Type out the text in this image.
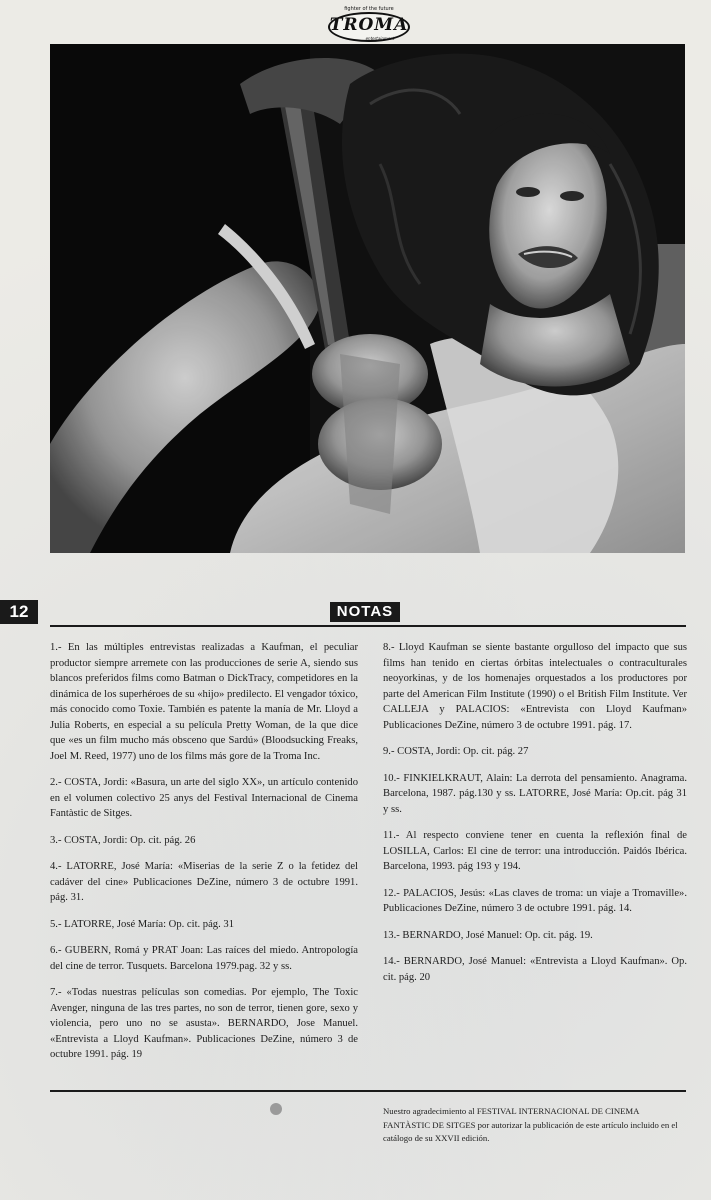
fighter of the future
TROMA
entertainment
12	NOTAS

1.- En las múltiples entrevistas realizadas a Kaufman, el peculiar productor siempre arremete con las producciones de serie A, siendo sus blancos preferidos films como Batman o DickTracy, competidores en la dinámica de los superhéroes de su «hijo» predilecto. El vengador tóxico, más conocido como Toxie. También es patente la manía de Mr. Lloyd a Julia Roberts, en especial a su película Pretty Woman, de la que dice que «es un film mucho más obsceno que Sardú» (Bloodsucking Freaks, Joel M. Reed, 1977) uno de los films más gore de la Troma Inc.

2.- COSTA, Jordi: «Basura, un arte del siglo XX», un artículo contenido en el volumen colectivo 25 anys del Festival Internacional de Cinema Fantàstic de Sitges.

3.- COSTA, Jordi: Op. cit. pág. 26

4.- LATORRE, José María: «Miserias de la serie Z o la fetidez del cadáver del cine» Publicaciones DeZine, número 3 de octubre 1991. pág. 31.

5.- LATORRE, José María: Op. cit. pág. 31

6.- GUBERN, Romá y PRAT Joan: Las raíces del miedo. Antropología del cine de terror. Tusquets. Barcelona 1979.pag. 32 y ss.

7.- «Todas nuestras películas son comedias. Por ejemplo, The Toxic Avenger, ninguna de las tres partes, no son de terror, tienen gore, sexo y violencia, pero uno no se asusta». BERNARDO, Jose Manuel. «Entrevista a Lloyd Kaufman». Publicaciones DeZine, número 3 de octubre 1991. pág. 19

8.- Lloyd Kaufman se siente bastante orgulloso del impacto que sus films han tenido en ciertas órbitas intelectuales o contraculturales neoyorkinas, y de los homenajes orquestados a los productores por parte del American Film Institute (1990) o el British Film Institute. Ver CALLEJA y PALACIOS: «Entrevista con Lloyd Kaufman» Publicaciones DeZine, número 3 de octubre 1991. pág. 17.

9.- COSTA, Jordi: Op. cit. pág. 27

10.- FINKIELKRAUT, Alain: La derrota del pensamiento. Anagrama. Barcelona, 1987. pág.130 y ss. LATORRE, José María: Op.cit. pág 31 y ss.

11.- Al respecto conviene tener en cuenta la reflexión final de LOSILLA, Carlos: El cine de terror: una introducción. Paidós Ibérica. Barcelona, 1993. pág 193 y 194.

12.- PALACIOS, Jesús: «Las claves de troma: un viaje a Tromaville». Publicaciones DeZine, número 3 de octubre 1991. pág. 14.

13.- BERNARDO, José Manuel: Op. cit. pág. 19.

14.- BERNARDO, José Manuel: «Entrevista a Lloyd Kaufman». Op. cit. pág. 20

Nuestro agradecimiento al FESTIVAL INTERNACIONAL DE CINEMA FANTÀSTIC DE SITGES por autorizar la publicación de este artículo incluido en el catálogo de su XXVII edición.
